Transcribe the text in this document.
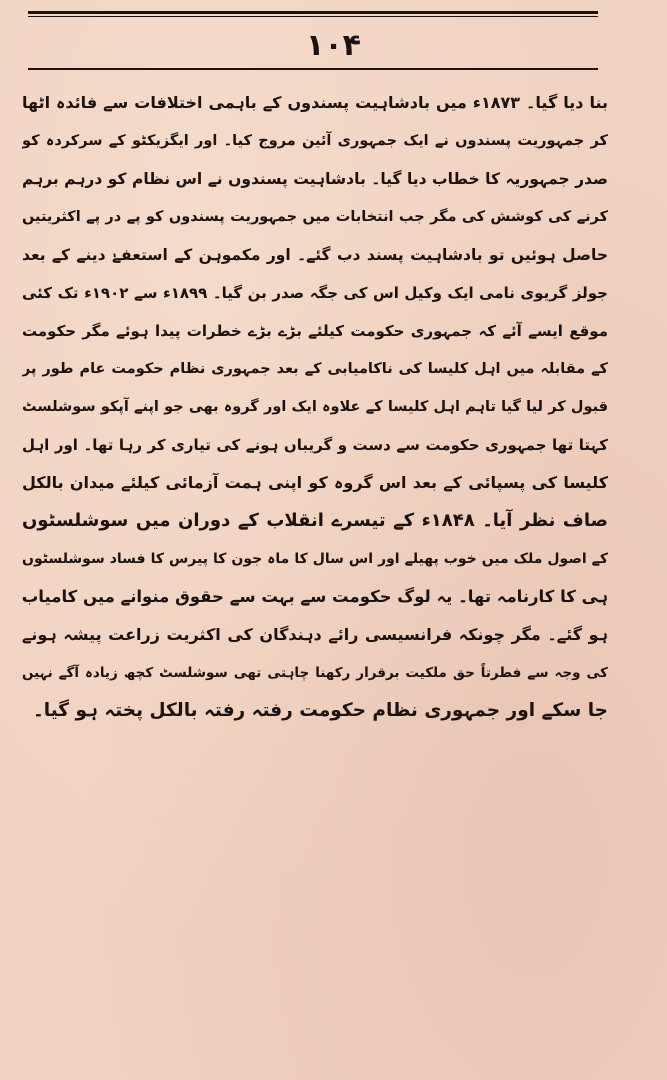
۱۰۴
بنا دیا گیا۔ ۱۸۷۳ء میں بادشاہیت پسندوں کے باہمی اختلافات سے فائدہ اٹھا
کر جمہوریت پسندوں نے ایک جمہوری آئین مروج کیا۔ اور ایگزیکٹو کے سرکردہ کو
صدر جمہوریہ کا خطاب دیا گیا۔ بادشاہیت پسندوں نے اس نظام کو درہم برہم
کرنے کی کوشش کی مگر جب انتخابات میں جمہوریت پسندوں کو پے در پے اکثریتیں
حاصل ہوئیں تو بادشاہیت پسند دب گئے۔ اور مکموہن کے استعفےٰ دینے کے بعد
جولز گریوی نامی ایک وکیل اس کی جگہ صدر بن گیا۔ ۱۸۹۹ء سے ۱۹۰۲ء تک کئی
موقع ایسے آئے کہ جمہوری حکومت کیلئے بڑے بڑے خطرات پیدا ہوئے مگر حکومت
کے مقابلہ میں اہل کلیسا کی ناکامیابی کے بعد جمہوری نظام حکومت عام طور پر
قبول کر لیا گیا تاہم اہل کلیسا کے علاوہ ایک اور گروہ بھی جو اپنے آپکو سوشلسٹ
کہتا تھا جمہوری حکومت سے دست و گریباں ہونے کی تیاری کر رہا تھا۔ اور اہل
کلیسا کی پسپائی کے بعد اس گروہ کو اپنی ہمت آزمائی کیلئے میدان بالکل
صاف نظر آیا۔ ۱۸۴۸ء کے تیسرے انقلاب کے دوران میں سوشلسٹوں
کے اصول ملک میں خوب پھیلے اور اس سال کا ماہ جون کا پیرس کا فساد سوشلسٹوں
ہی کا کارنامہ تھا۔ یہ لوگ حکومت سے بہت سے حقوق منوانے میں کامیاب
ہو گئے۔ مگر چونکہ فرانسیسی رائے دہندگان کی اکثریت زراعت پیشہ ہونے
کی وجہ سے فطرتاً حق ملکیت برقرار رکھنا چاہتی تھی سوشلسٹ کچھ زیادہ آگے نہیں
جا سکے اور جمہوری نظام حکومت رفتہ رفتہ بالکل پختہ ہو گیا۔
